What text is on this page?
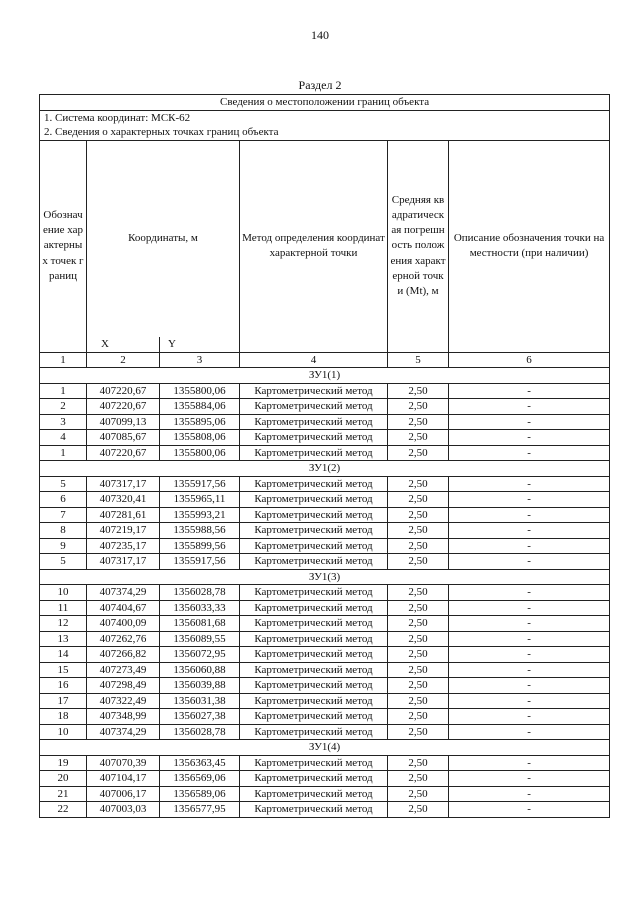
140
Раздел 2
Сведения о местоположении границ объекта					
1. Система координат: МСК-62					
2. Сведения о характерных точках границ объекта					
Обозначение характерных точек границ	Координаты, м		Метод определения координат характерной точки	Средняя квадратическая погрешность положения характерной точки (Mt), м	Описание обозначения точки на местности (при наличии)
	X	Y			
1	2	3	4	5	6
ЗУ1(1)					
1	407220,67	1355800,06	Картометрический метод	2,50	-
2	407220,67	1355884,06	Картометрический метод	2,50	-
3	407099,13	1355895,06	Картометрический метод	2,50	-
4	407085,67	1355808,06	Картометрический метод	2,50	-
1	407220,67	1355800,06	Картометрический метод	2,50	-
ЗУ1(2)					
5	407317,17	1355917,56	Картометрический метод	2,50	-
6	407320,41	1355965,11	Картометрический метод	2,50	-
7	407281,61	1355993,21	Картометрический метод	2,50	-
8	407219,17	1355988,56	Картометрический метод	2,50	-
9	407235,17	1355899,56	Картометрический метод	2,50	-
5	407317,17	1355917,56	Картометрический метод	2,50	-
ЗУ1(3)					
10	407374,29	1356028,78	Картометрический метод	2,50	-
11	407404,67	1356033,33	Картометрический метод	2,50	-
12	407400,09	1356081,68	Картометрический метод	2,50	-
13	407262,76	1356089,55	Картометрический метод	2,50	-
14	407266,82	1356072,95	Картометрический метод	2,50	-
15	407273,49	1356060,88	Картометрический метод	2,50	-
16	407298,49	1356039,88	Картометрический метод	2,50	-
17	407322,49	1356031,38	Картометрический метод	2,50	-
18	407348,99	1356027,38	Картометрический метод	2,50	-
10	407374,29	1356028,78	Картометрический метод	2,50	-
ЗУ1(4)					
19	407070,39	1356363,45	Картометрический метод	2,50	-
20	407104,17	1356569,06	Картометрический метод	2,50	-
21	407006,17	1356589,06	Картометрический метод	2,50	-
22	407003,03	1356577,95	Картометрический метод	2,50	-
